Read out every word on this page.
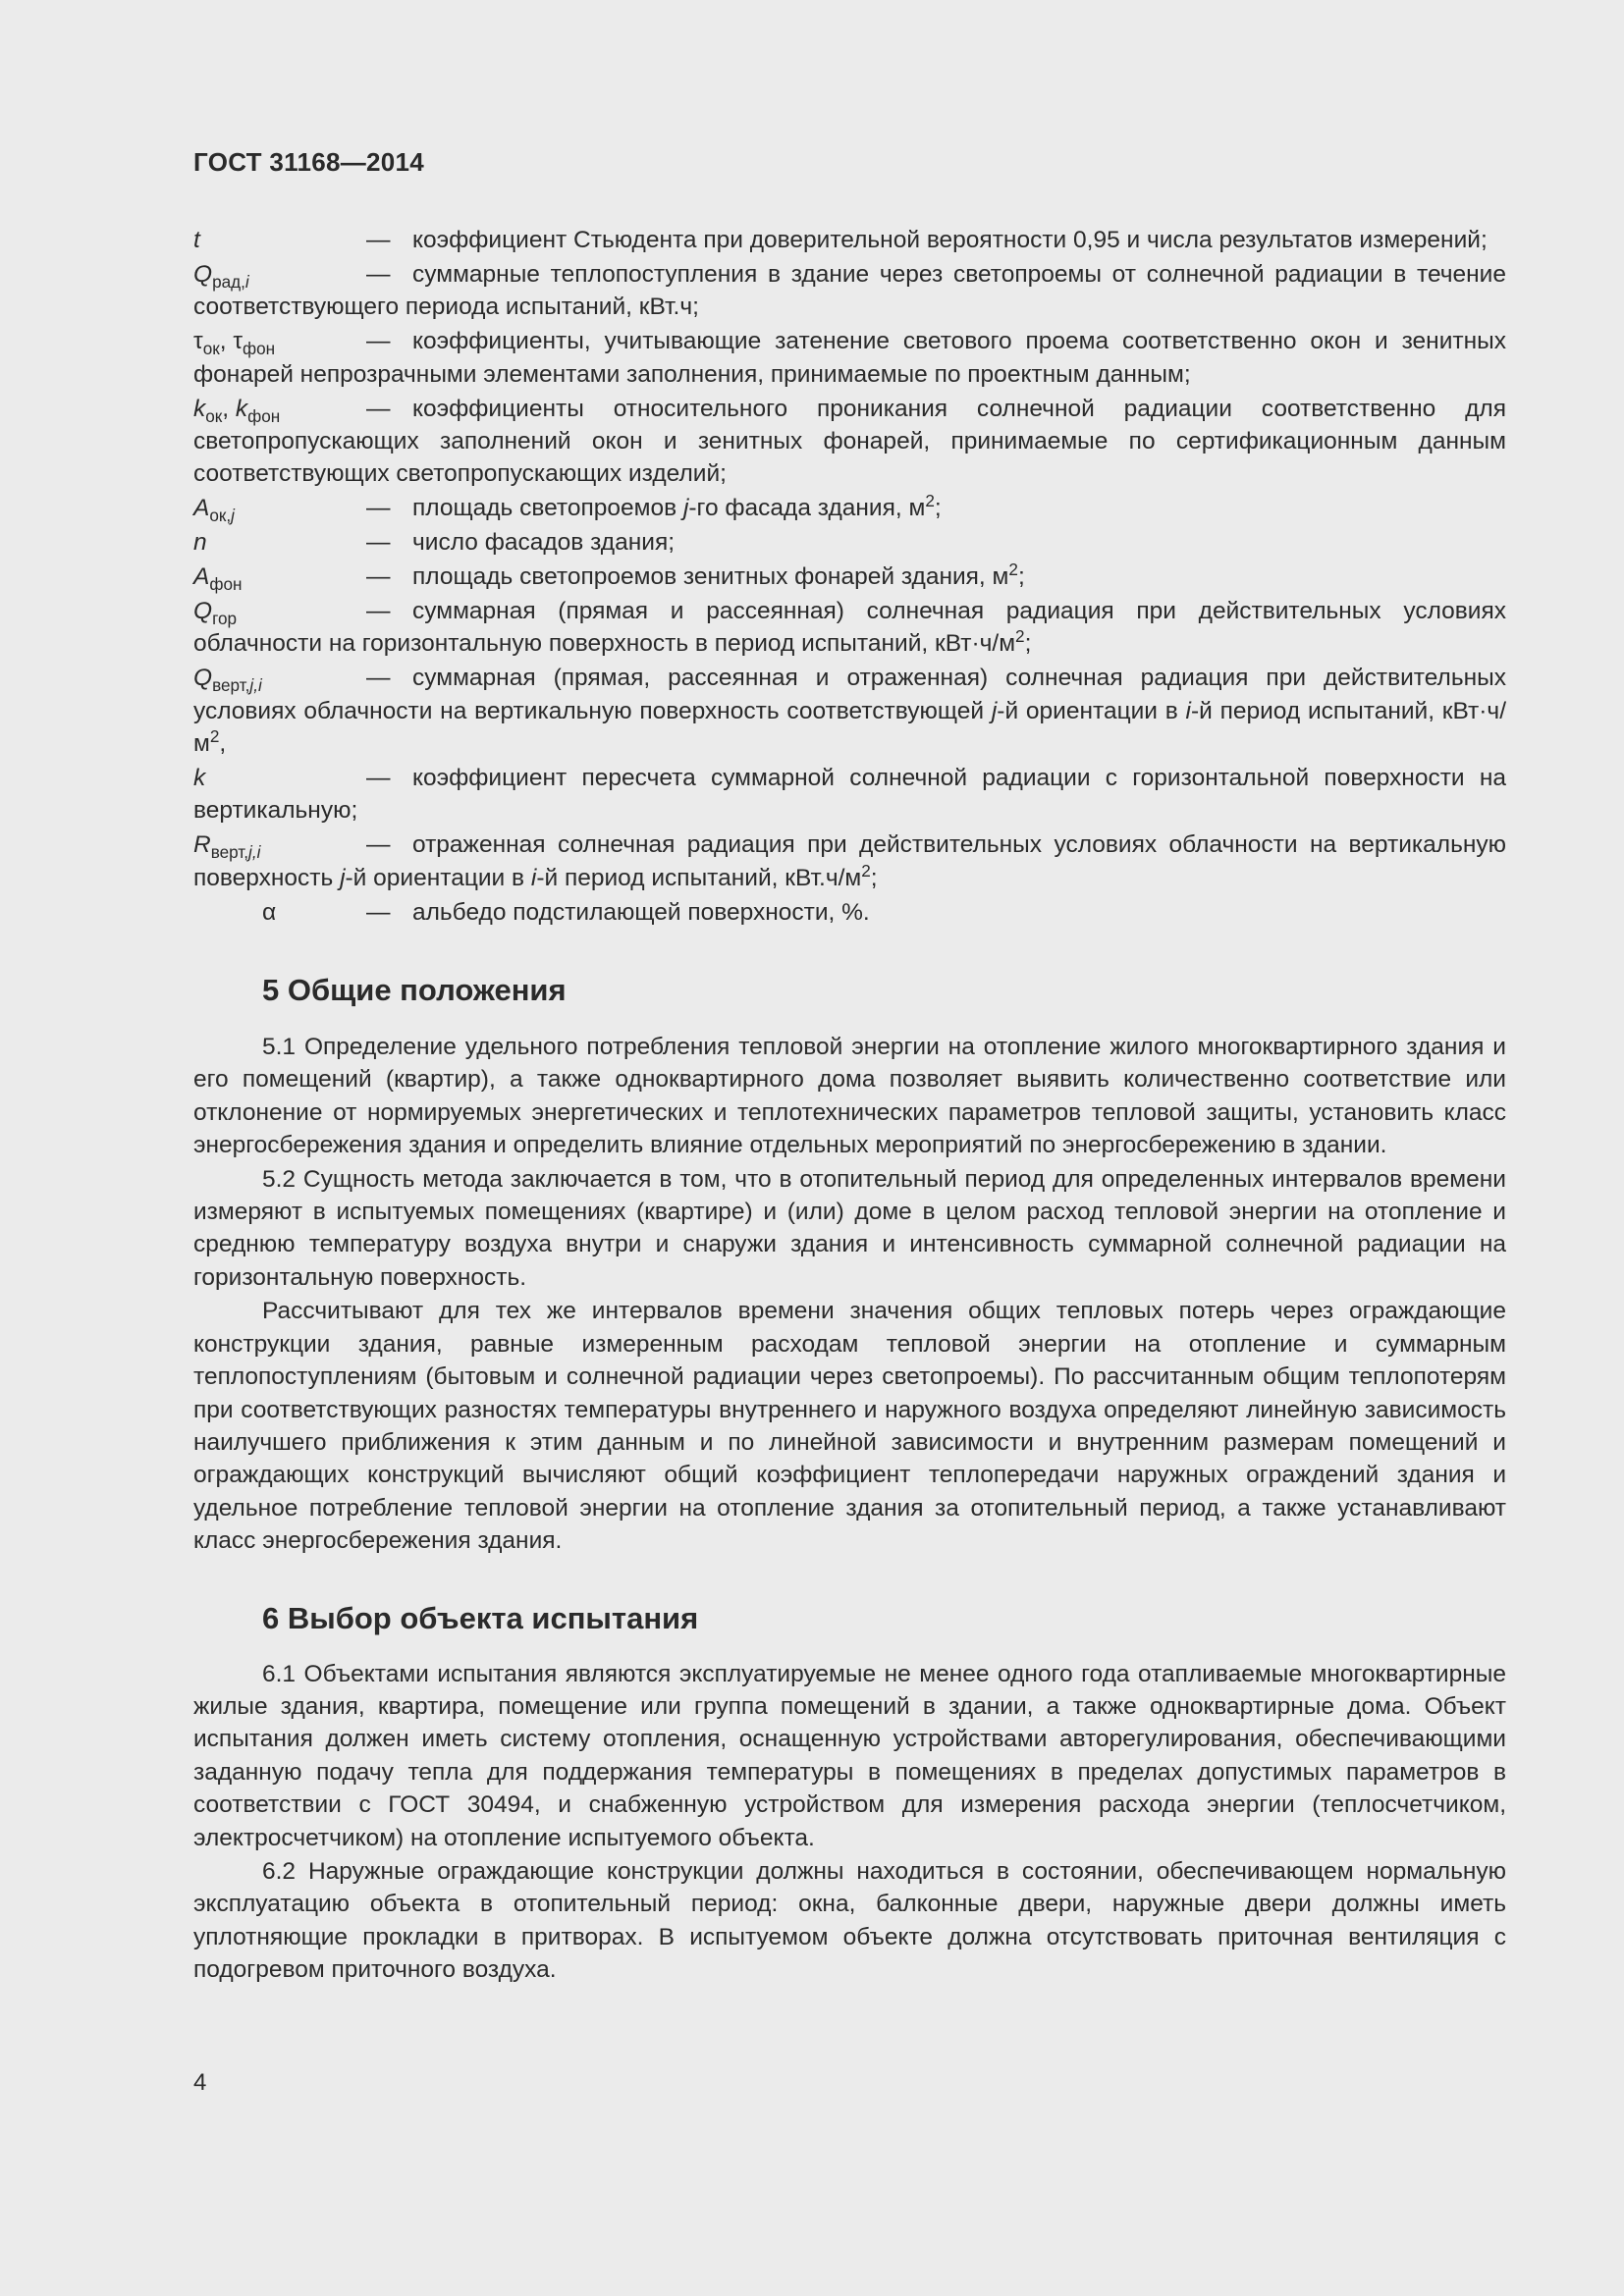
ГОСТ 31168—2014

t	— коэффициент Стьюдента при доверительной вероятности 0,95 и числа результатов измерений;

$Q_{рад,i}$	— суммарные теплопоступления в здание через светопроемы от солнечной радиации в течение соответствующего периода испытаний, кВт.ч;

$\tau_{ок}$, $\tau_{фон}$	— коэффициенты, учитывающие затенение светового проема соответственно окон и зенитных фонарей непрозрачными элементами заполнения, принимаемые по проектным данным;

$k_{ок}$, $k_{фон}$	— коэффициенты относительного проникания солнечной радиации соответственно для светопропускающих заполнений окон и зенитных фонарей, принимаемые по сертификационным данным соответствующих светопропускающих изделий;

$A_{ок,j}$	— площадь светопроемов j-го фасада здания, $м^2$;

n	— число фасадов здания;

$A_{фон}$	— площадь светопроемов зенитных фонарей здания, $м^2$;

$Q_{гор}$	— суммарная (прямая и рассеянная) солнечная радиация при действительных условиях облачности на горизонтальную поверхность в период испытаний, $кВт\cdot ч/м^2$;

$Q_{верт,j,i}$	— суммарная (прямая, рассеянная и отраженная) солнечная радиация при действительных условиях облачности на вертикальную поверхность соответствующей j-й ориентации в i-й период испытаний, $кВт\cdot ч/м^2$,

k	— коэффициент пересчета суммарной солнечной радиации с горизонтальной поверхности на вертикальную;

$R_{верт,j,i}$	— отраженная солнечная радиация при действительных условиях облачности на вертикальную поверхность j-й ориентации в i-й период испытаний, $кВт.ч/м^2$;

α	— альбедо подстилающей поверхности, %.

5 Общие положения

5.1 Определение удельного потребления тепловой энергии на отопление жилого многоквартирного здания и его помещений (квартир), а также одноквартирного дома позволяет выявить количественно соответствие или отклонение от нормируемых энергетических и теплотехнических параметров тепловой защиты, установить класс энергосбережения здания и определить влияние отдельных мероприятий по энергосбережению в здании.

5.2 Сущность метода заключается в том, что в отопительный период для определенных интервалов времени измеряют в испытуемых помещениях (квартире) и (или) доме в целом расход тепловой энергии на отопление и среднюю температуру воздуха внутри и снаружи здания и интенсивность суммарной солнечной радиации на горизонтальную поверхность.

Рассчитывают для тех же интервалов времени значения общих тепловых потерь через ограждающие конструкции здания, равные измеренным расходам тепловой энергии на отопление и суммарным теплопоступлениям (бытовым и солнечной радиации через светопроемы). По рассчитанным общим теплопотерям при соответствующих разностях температуры внутреннего и наружного воздуха определяют линейную зависимость наилучшего приближения к этим данным и по линейной зависимости и внутренним размерам помещений и ограждающих конструкций вычисляют общий коэффициент теплопередачи наружных ограждений здания и удельное потребление тепловой энергии на отопление здания за отопительный период, а также устанавливают класс энергосбережения здания.

6 Выбор объекта испытания

6.1 Объектами испытания являются эксплуатируемые не менее одного года отапливаемые многоквартирные жилые здания, квартира, помещение или группа помещений в здании, а также одноквартирные дома. Объект испытания должен иметь систему отопления, оснащенную устройствами авторегулирования, обеспечивающими заданную подачу тепла для поддержания температуры в помещениях в пределах допустимых параметров в соответствии с ГОСТ 30494, и снабженную устройством для измерения расхода энергии (теплосчетчиком, электросчетчиком) на отопление испытуемого объекта.

6.2 Наружные ограждающие конструкции должны находиться в состоянии, обеспечивающем нормальную эксплуатацию объекта в отопительный период: окна, балконные двери, наружные двери должны иметь уплотняющие прокладки в притворах. В испытуемом объекте должна отсутствовать приточная вентиляция с подогревом приточного воздуха.

4
